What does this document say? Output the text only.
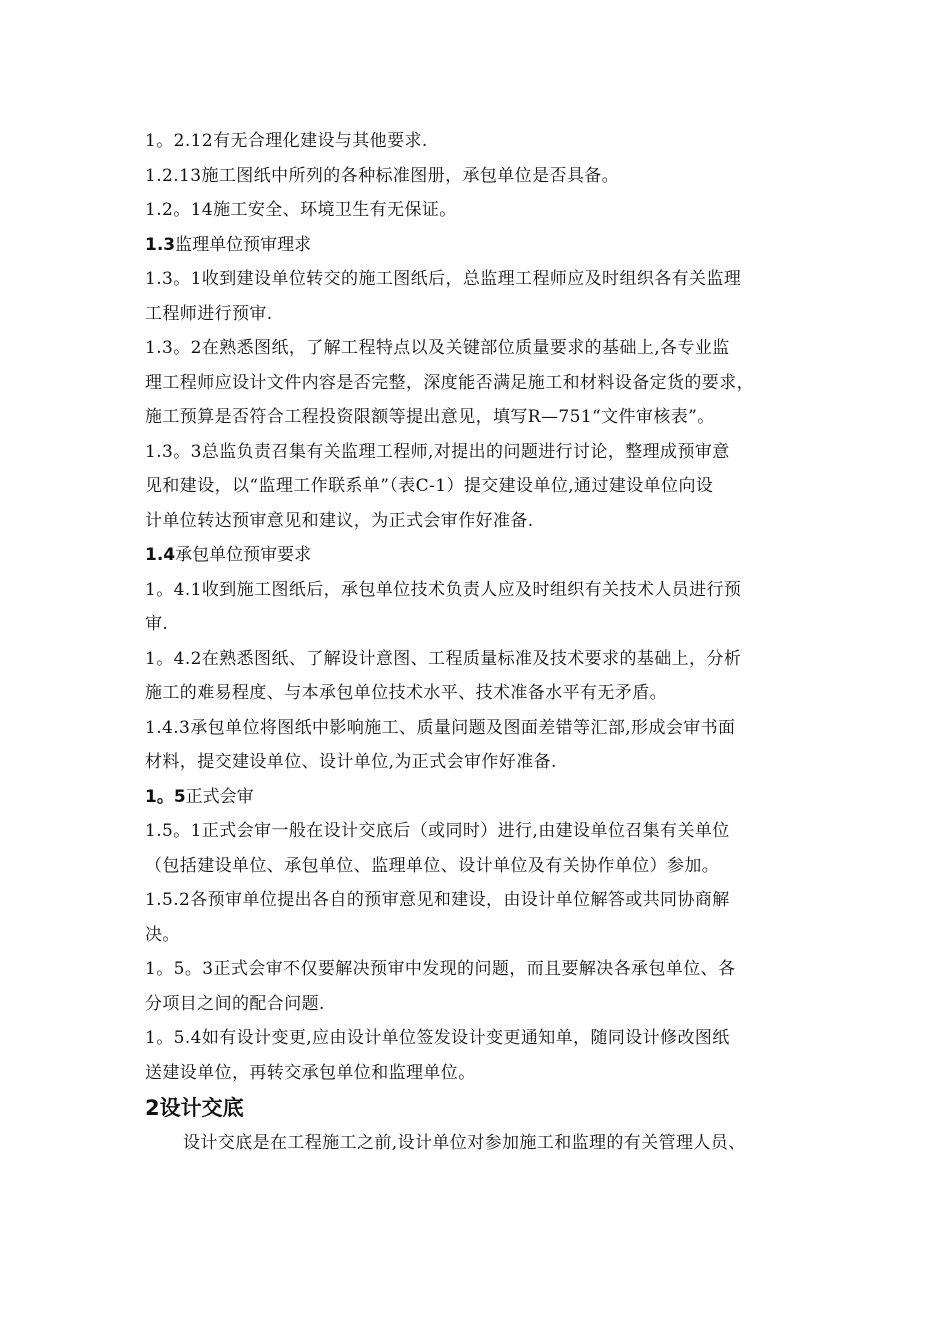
1。2.12有无合理化建设与其他要求.
1.2.13施工图纸中所列的各种标准图册，承包单位是否具备。
1.2。14施工安全、环境卫生有无保证。
1.3监理单位预审理求
1.3。1收到建设单位转交的施工图纸后，总监理工程师应及时组织各有关监理
工程师进行预审.
1.3。2在熟悉图纸，了解工程特点以及关键部位质量要求的基础上,各专业监
理工程师应设计文件内容是否完整，深度能否满足施工和材料设备定货的要求，
施工预算是否符合工程投资限额等提出意见，填写R—751“文件审核表”。
1.3。3总监负责召集有关监理工程师,对提出的问题进行讨论，整理成预审意
见和建设，以“监理工作联系单”（表C-1）提交建设单位,通过建设单位向设
计单位转达预审意见和建议，为正式会审作好准备.
1.4承包单位预审要求
1。4.1收到施工图纸后，承包单位技术负责人应及时组织有关技术人员进行预
审.
1。4.2在熟悉图纸、了解设计意图、工程质量标准及技术要求的基础上，分析
施工的难易程度、与本承包单位技术水平、技术准备水平有无矛盾。
1.4.3承包单位将图纸中影响施工、质量问题及图面差错等汇部,形成会审书面
材料，提交建设单位、设计单位,为正式会审作好准备.
1。5正式会审
1.5。1正式会审一般在设计交底后（或同时）进行,由建设单位召集有关单位
（包括建设单位、承包单位、监理单位、设计单位及有关协作单位）参加。
1.5.2各预审单位提出各自的预审意见和建设，由设计单位解答或共同协商解
决。
1。5。3正式会审不仅要解决预审中发现的问题，而且要解决各承包单位、各
分项目之间的配合问题.
1。5.4如有设计变更,应由设计单位签发设计变更通知单，随同设计修改图纸
送建设单位，再转交承包单位和监理单位。
2设计交底
设计交底是在工程施工之前,设计单位对参加施工和监理的有关管理人员、
